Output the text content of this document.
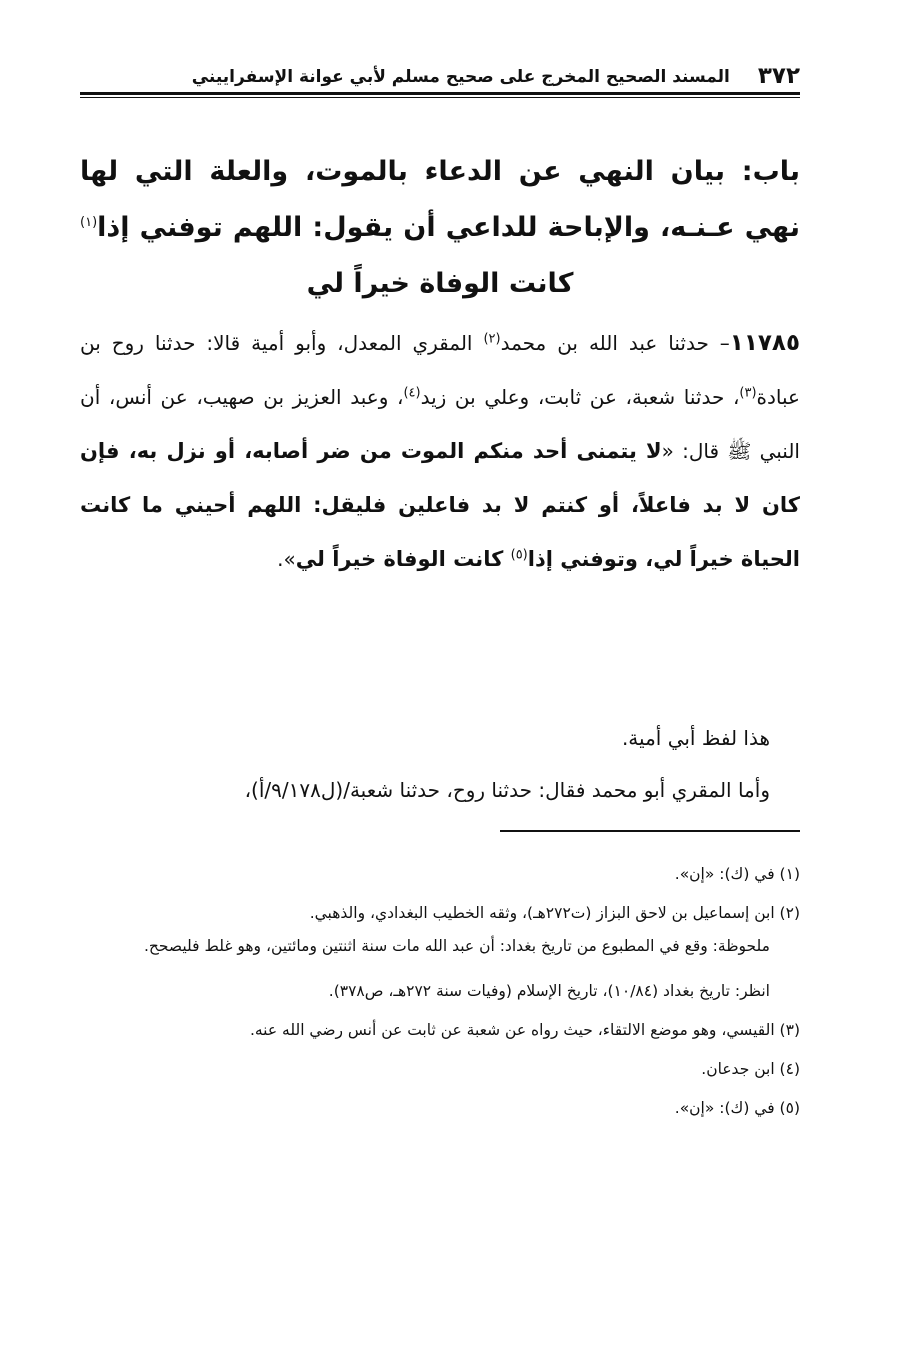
٣٧٢
المسند الصحيح المخرج على صحيح مسلم لأبي عوانة الإسفراييني
باب: بيان النهي عن الدعاء بالموت، والعلة التي لها نهي عـنـه، والإباحة للداعي أن يقول: اللهم توفني إذا$^{(١)}$ كانت الوفاة خيراً لي

١١٧٨٥– حدثنا عبد الله بن محمد$^{(٢)}$ المقري المعدل، وأبو أمية قالا: حدثنا روح بن عبادة$^{(٣)}$، حدثنا شعبة، عن ثابت، وعلي بن زيد$^{(٤)}$، وعبد العزيز بن صهيب، عن أنس، أن النبي ﷺ قال: «لا يتمنى أحد منكم الموت من ضر أصابه، أو نزل به، فإن كان لا بد فاعلاً، أو كنتم لا بد فاعلين فليقل: اللهم أحيني ما كانت الحياة خيراً لي، وتوفني إذا$^{(٥)}$ كانت الوفاة خيراً لي».

هذا لفظ أبي أمية.

وأما المقري أبو محمد فقال: حدثنا روح، حدثنا شعبة/(ل٩/١٧٨/أ)،

(١) في (ك): «إن».

(٢) ابن إسماعيل بن لاحق البزاز (ت٢٧٢هـ)، وثقه الخطيب البغدادي، والذهبي.

ملحوظة: وقع في المطبوع من تاريخ بغداد: أن عبد الله مات سنة اثنتين ومائتين، وهو غلط فليصحح.

انظر: تاريخ بغداد (١٠/٨٤)، تاريخ الإسلام (وفيات سنة ٢٧٢هـ، ص٣٧٨).

(٣) القيسي، وهو موضع الالتقاء، حيث رواه عن شعبة عن ثابت عن أنس رضي الله عنه.

(٤) ابن جدعان.

(٥) في (ك): «إن».
